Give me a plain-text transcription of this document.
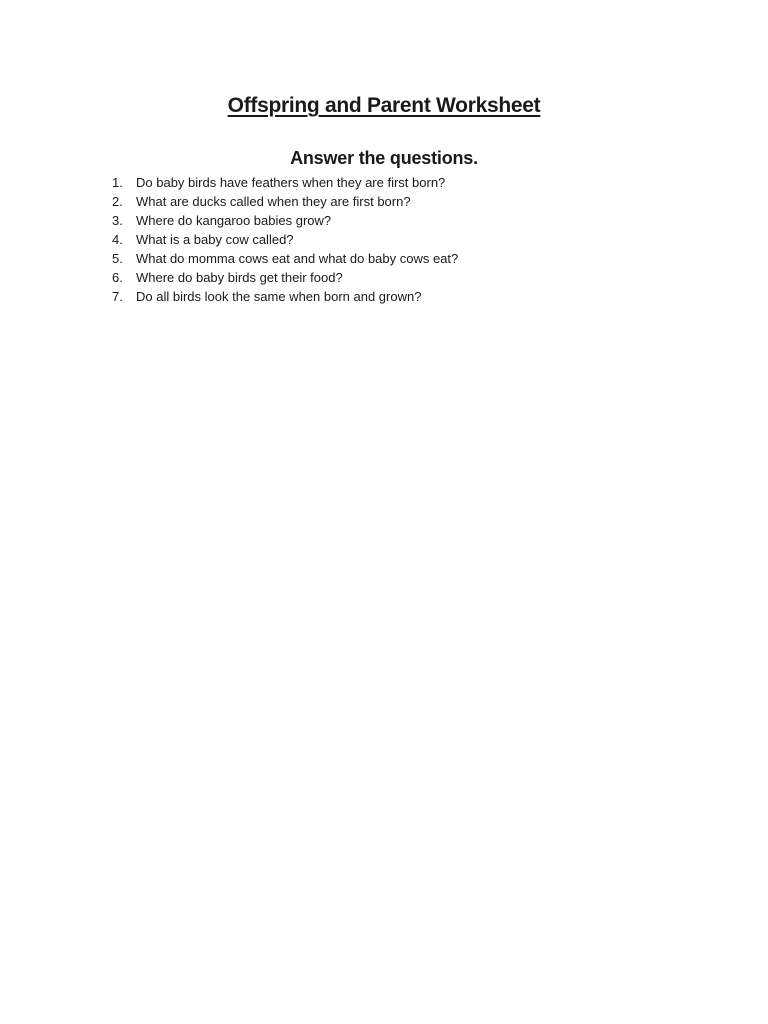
Offspring and Parent Worksheet
Answer the questions.
1.	Do baby birds have feathers when they are first born?
2.	What are ducks called when they are first born?
3.	Where do kangaroo babies grow?
4.	What is a baby cow called?
5.	What do momma cows eat and what do baby cows eat?
6.	Where do baby birds get their food?
7.	Do all birds look the same when born and grown?
